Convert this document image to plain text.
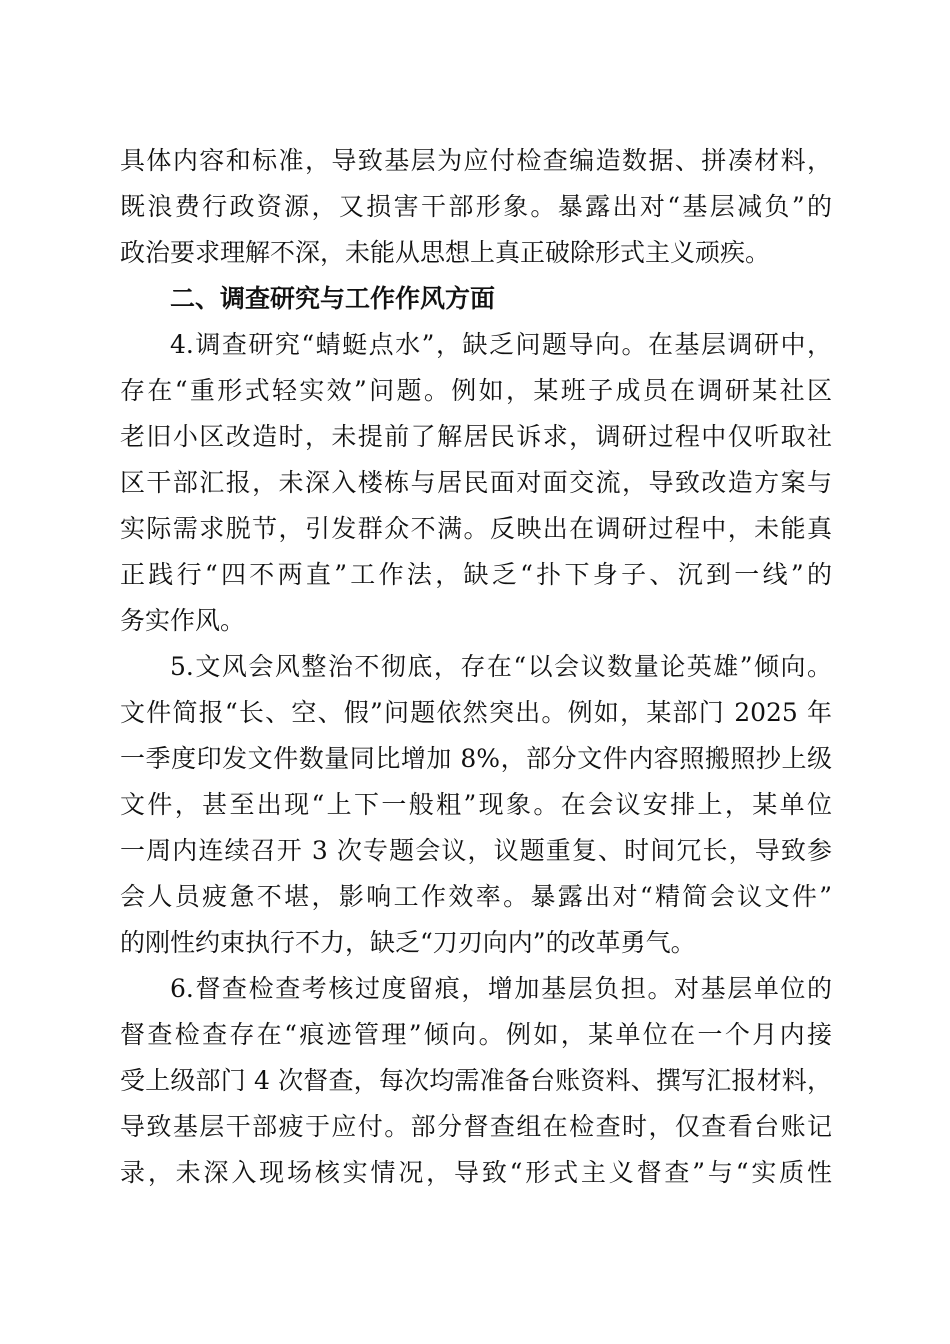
具体内容和标准，导致基层为应付检查编造数据、拼凑材料，
既浪费行政资源，又损害干部形象。暴露出对“基层减负”的
政治要求理解不深，未能从思想上真正破除形式主义顽疾。
二、调查研究与工作作风方面
4.调查研究“蜻蜓点水”，缺乏问题导向。在基层调研中，
存在“重形式轻实效”问题。例如，某班子成员在调研某社区
老旧小区改造时，未提前了解居民诉求，调研过程中仅听取社
区干部汇报，未深入楼栋与居民面对面交流，导致改造方案与
实际需求脱节，引发群众不满。反映出在调研过程中，未能真
正践行“四不两直”工作法，缺乏“扑下身子、沉到一线”的
务实作风。
5.文风会风整治不彻底，存在“以会议数量论英雄”倾向。
文件简报“长、空、假”问题依然突出。例如，某部门 2025 年
一季度印发文件数量同比增加 8%，部分文件内容照搬照抄上级
文件，甚至出现“上下一般粗”现象。在会议安排上，某单位
一周内连续召开 3 次专题会议，议题重复、时间冗长，导致参
会人员疲惫不堪，影响工作效率。暴露出对“精简会议文件”
的刚性约束执行不力，缺乏“刀刃向内”的改革勇气。
6.督查检查考核过度留痕，增加基层负担。对基层单位的
督查检查存在“痕迹管理”倾向。例如，某单位在一个月内接
受上级部门 4 次督查，每次均需准备台账资料、撰写汇报材料，
导致基层干部疲于应付。部分督查组在检查时，仅查看台账记
录，未深入现场核实情况，导致“形式主义督查”与“实质性
